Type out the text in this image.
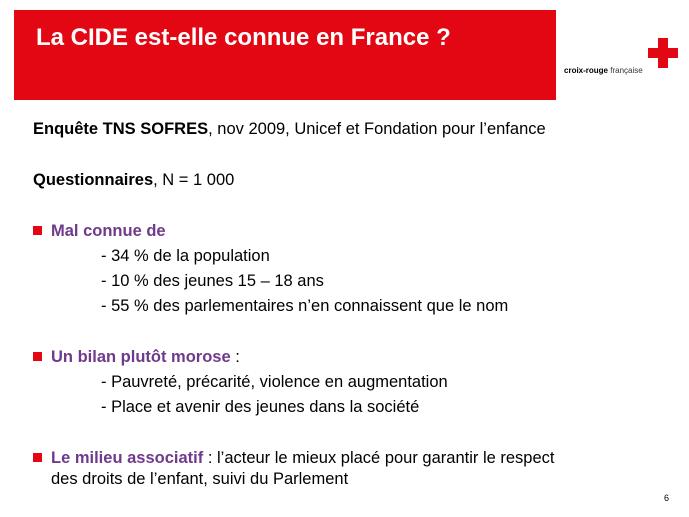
La CIDE est-elle connue en France ?
croix-rouge française
Enquête TNS SOFRES, nov 2009, Unicef et Fondation pour l’enfance
Questionnaires, N = 1 000
Mal connue de
- 34 % de la population
- 10 % des jeunes 15 – 18 ans
- 55 % des parlementaires n’en connaissent que le nom
Un bilan plutôt morose :
- Pauvreté, précarité, violence en augmentation
- Place et avenir des jeunes dans la société
Le milieu associatif : l’acteur le mieux placé pour garantir le respect
des droits de l’enfant, suivi du Parlement
6
